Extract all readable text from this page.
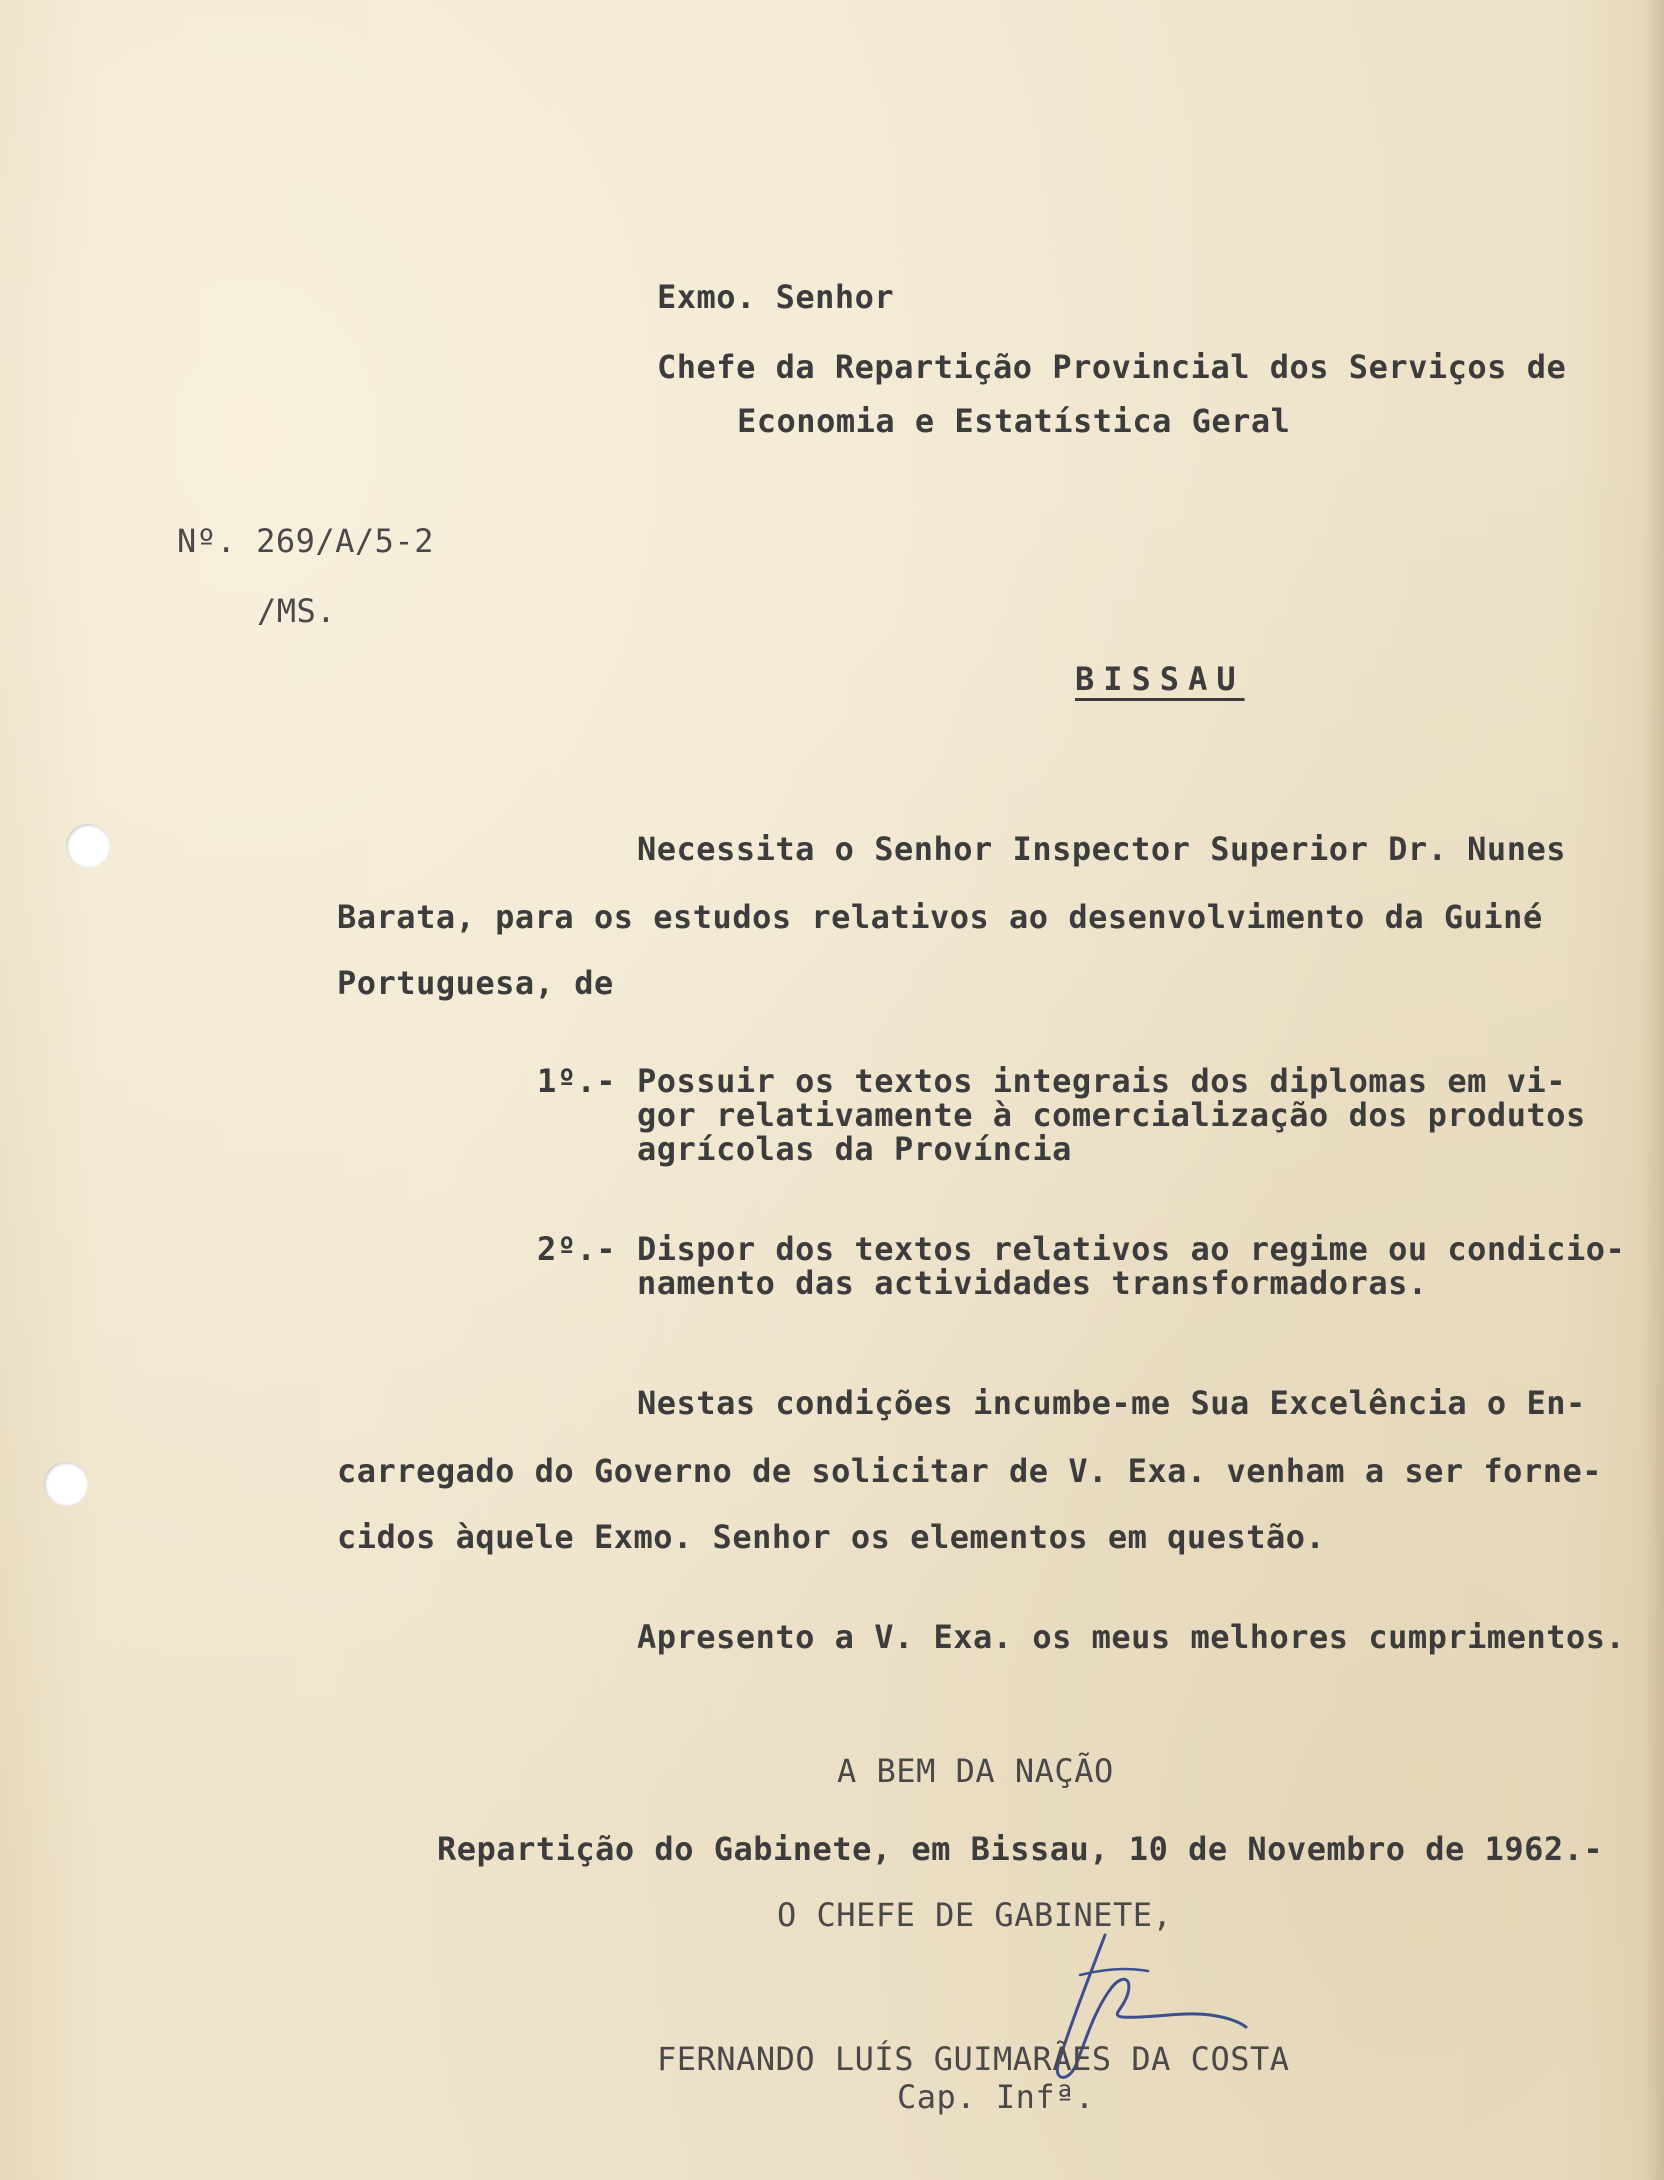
Exmo. Senhor
Chefe da Repartição Provincial dos Serviços de
Economia e Estatística Geral
Nº. 269/A/5-2
/MS.
BISSAU
Necessita o Senhor Inspector Superior Dr. Nunes
Barata, para os estudos relativos ao desenvolvimento da Guiné
Portuguesa, de
1º.- Possuir os textos integrais dos diplomas em vi-
gor relativamente à comercialização dos produtos
agrícolas da Província
2º.- Dispor dos textos relativos ao regime ou condicio-
namento das actividades transformadoras.
Nestas condições incumbe-me Sua Excelência o En-
carregado do Governo de solicitar de V. Exa. venham a ser forne-
cidos àquele Exmo. Senhor os elementos em questão.
Apresento a V. Exa. os meus melhores cumprimentos.
A BEM DA NAÇÃO
Repartição do Gabinete, em Bissau, 10 de Novembro de 1962.-
O CHEFE DE GABINETE,
FERNANDO LUÍS GUIMARÃES DA COSTA
Cap. Infª.
